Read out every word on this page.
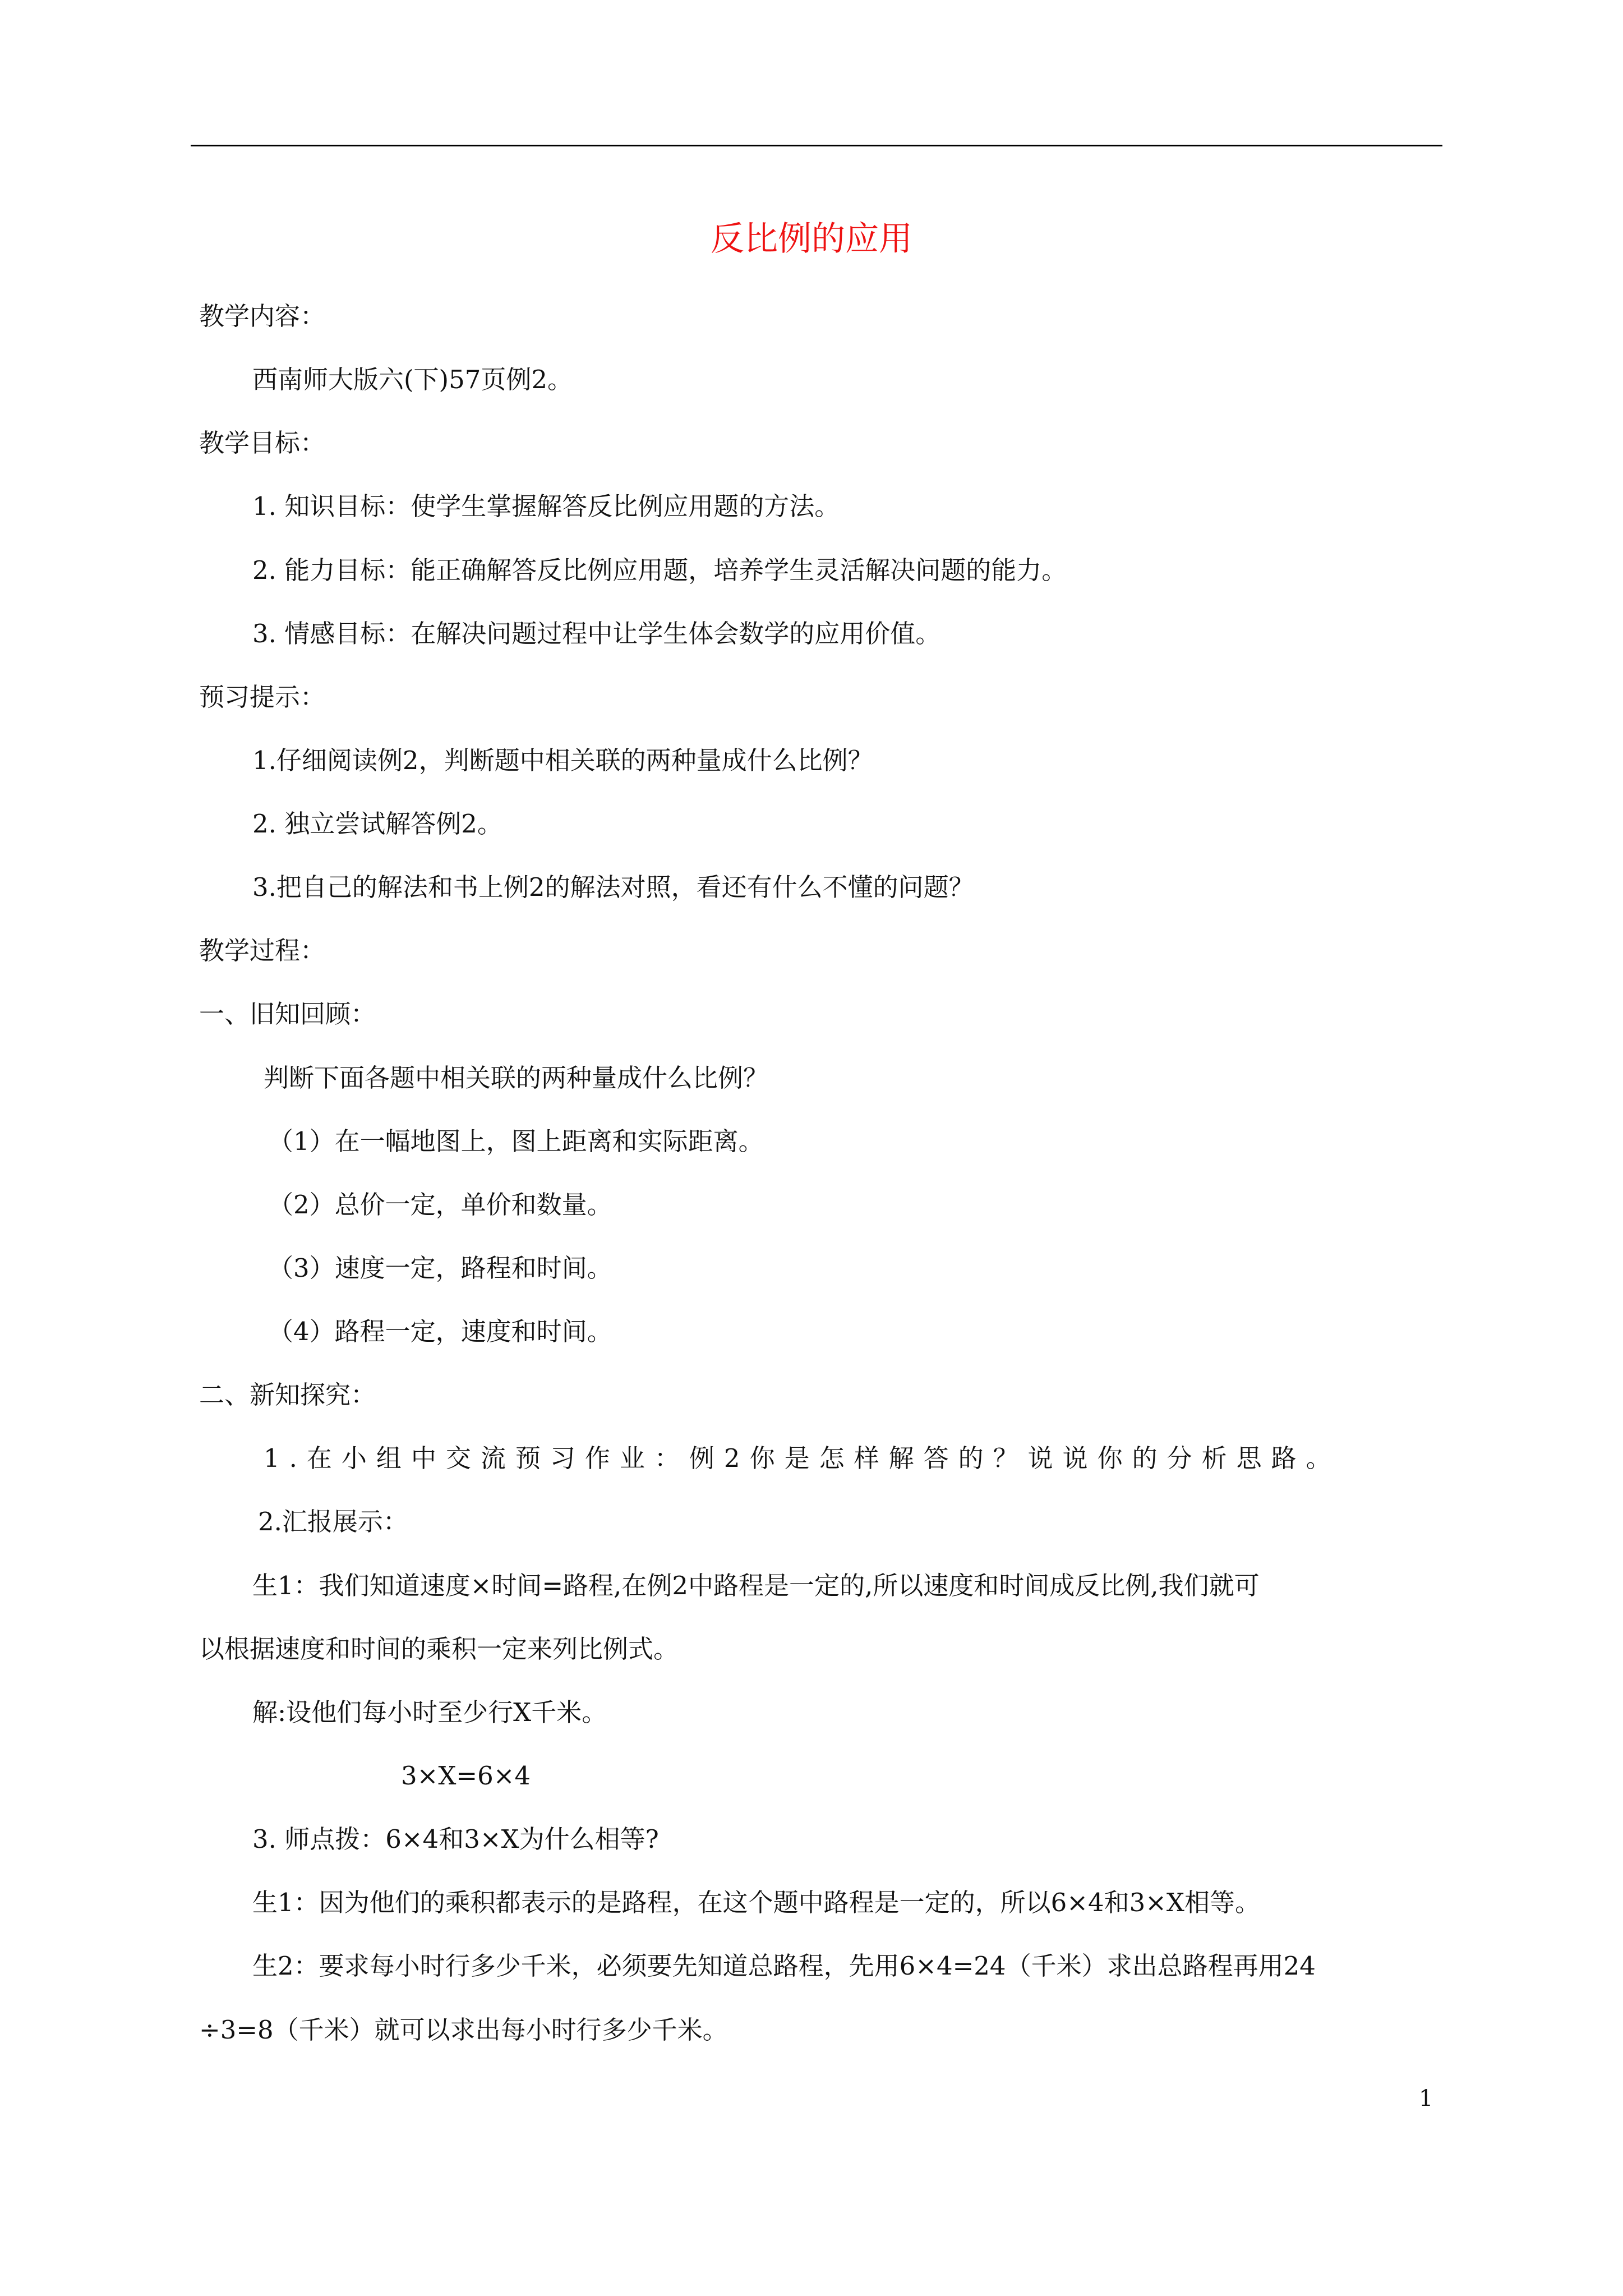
反比例的应用
教学内容：
西南师大版六(下)57页例2。
教学目标：
1. 知识目标：使学生掌握解答反比例应用题的方法。
2. 能力目标：能正确解答反比例应用题，培养学生灵活解决问题的能力。
3. 情感目标：在解决问题过程中让学生体会数学的应用价值。
预习提示：
1.仔细阅读例2，判断题中相关联的两种量成什么比例？
2. 独立尝试解答例2。
3.把自己的解法和书上例2的解法对照，看还有什么不懂的问题？
教学过程：
一、旧知回顾：
判断下面各题中相关联的两种量成什么比例？
（1）在一幅地图上，图上距离和实际距离。
（2）总价一定，单价和数量。
（3）速度一定，路程和时间。
（4）路程一定，速度和时间。
二、新知探究：
1.在小组中交流预习作业：例2你是怎样解答的？说说你的分析思路。
2.汇报展示：
生1：我们知道速度×时间=路程,在例2中路程是一定的,所以速度和时间成反比例,我们就可
以根据速度和时间的乘积一定来列比例式。
解:设他们每小时至少行X千米。
3×X=6×4
3. 师点拨：6×4和3×X为什么相等?
生1：因为他们的乘积都表示的是路程，在这个题中路程是一定的，所以6×4和3×X相等。
生2：要求每小时行多少千米，必须要先知道总路程，先用6×4=24（千米）求出总路程再用24
÷3=8（千米）就可以求出每小时行多少千米。
1
